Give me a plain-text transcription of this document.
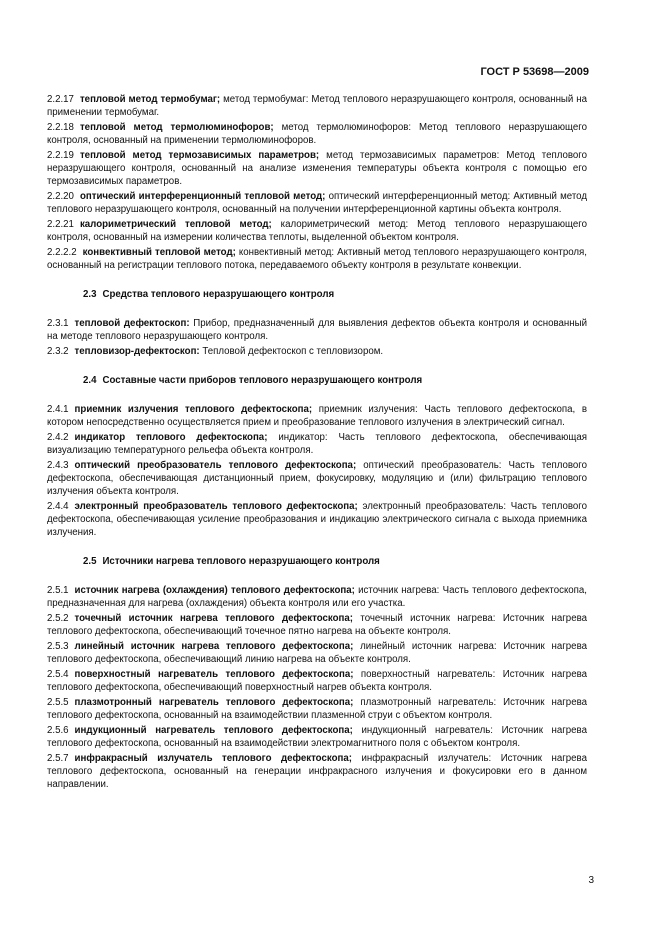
ГОСТ Р 53698—2009

2.2.17 тепловой метод термобумаг; метод термобумаг: Метод теплового неразрушающего контроля, основанный на применении термобумаг.

2.2.18 тепловой метод термолюминофоров; метод термолюминофоров: Метод теплового неразрушающего контроля, основанный на применении термолюминофоров.

2.2.19 тепловой метод термозависимых параметров; метод термозависимых параметров: Метод теплового неразрушающего контроля, основанный на анализе изменения температуры объекта контроля с помощью его термозависимых параметров.

2.2.20 оптический интерференционный тепловой метод; оптический интерференционный метод: Активный метод теплового неразрушающего контроля, основанный на получении интерференционной картины объекта контроля.

2.2.21 калориметрический тепловой метод; калориметрический метод: Метод теплового неразрушающего контроля, основанный на измерении количества теплоты, выделенной объектом контроля.

2.2.2.2 конвективный тепловой метод; конвективный метод: Активный метод теплового неразрушающего контроля, основанный на регистрации теплового потока, передаваемого объекту контроля в результате конвекции.

2.3 Средства теплового неразрушающего контроля

2.3.1 тепловой дефектоскоп: Прибор, предназначенный для выявления дефектов объекта контроля и основанный на методе теплового неразрушающего контроля.

2.3.2 тепловизор-дефектоскоп: Тепловой дефектоскоп с тепловизором.

2.4 Составные части приборов теплового неразрушающего контроля

2.4.1 приемник излучения теплового дефектоскопа; приемник излучения: Часть теплового дефектоскопа, в котором непосредственно осуществляется прием и преобразование теплового излучения в электрический сигнал.

2.4.2 индикатор теплового дефектоскопа; индикатор: Часть теплового дефектоскопа, обеспечивающая визуализацию температурного рельефа объекта контроля.

2.4.3 оптический преобразователь теплового дефектоскопа; оптический преобразователь: Часть теплового дефектоскопа, обеспечивающая дистанционный прием, фокусировку, модуляцию и (или) фильтрацию теплового излучения объекта контроля.

2.4.4 электронный преобразователь теплового дефектоскопа; электронный преобразователь: Часть теплового дефектоскопа, обеспечивающая усиление преобразования и индикацию электрического сигнала с выхода приемника излучения.

2.5 Источники нагрева теплового неразрушающего контроля

2.5.1 источник нагрева (охлаждения) теплового дефектоскопа; источник нагрева: Часть теплового дефектоскопа, предназначенная для нагрева (охлаждения) объекта контроля или его участка.

2.5.2 точечный источник нагрева теплового дефектоскопа; точечный источник нагрева: Источник нагрева теплового дефектоскопа, обеспечивающий точечное пятно нагрева на объекте контроля.

2.5.3 линейный источник нагрева теплового дефектоскопа; линейный источник нагрева: Источник нагрева теплового дефектоскопа, обеспечивающий линию нагрева на объекте контроля.

2.5.4 поверхностный нагреватель теплового дефектоскопа; поверхностный нагреватель: Источник нагрева теплового дефектоскопа, обеспечивающий поверхностный нагрев объекта контроля.

2.5.5 плазмотронный нагреватель теплового дефектоскопа; плазмотронный нагреватель: Источник нагрева теплового дефектоскопа, основанный на взаимодействии плазменной струи с объектом контроля.

2.5.6 индукционный нагреватель теплового дефектоскопа; индукционный нагреватель: Источник нагрева теплового дефектоскопа, основанный на взаимодействии электромагнитного поля с объектом контроля.

2.5.7 инфракрасный излучатель теплового дефектоскопа; инфракрасный излучатель: Источник нагрева теплового дефектоскопа, основанный на генерации инфракрасного излучения и фокусировки его в данном направлении.

3
